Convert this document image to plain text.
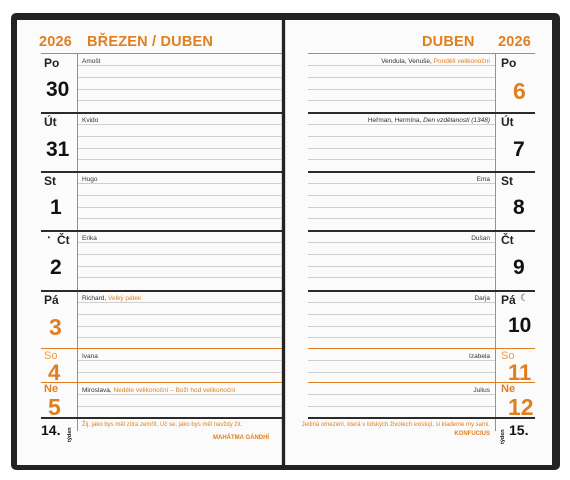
2026 BŘEZEN / DUBEN
Po
30
Amošt
Út
31
Kvido
St
1
Hugo
◔ Čt
2
Erika
Pá
3
Richard, Velký pátek
So
4
Ivana
Ne
5
Miroslava, Nedéle velikonoční – Boží hod velikonoční
14. týden
Žij, jako bys měl zítra zemřít. Uč se, jako bys měl navždy žít.
MAHÁTMA GÁNDHÍ
DUBEN 2026
Po
6
Vendula, Venuše, Pondělí velikonoční
Út
7
Heřman, Hermína, Den vzdělanosti (1348)
St
8
Ema
Čt
9
Dušan
Pá ☾
10
Darja
So
11
Izabela
Ne
12
Julius
týden 15.
Jediná omezení, která v lidských životech existují, si klademe my sami.
KONFUCIUS
